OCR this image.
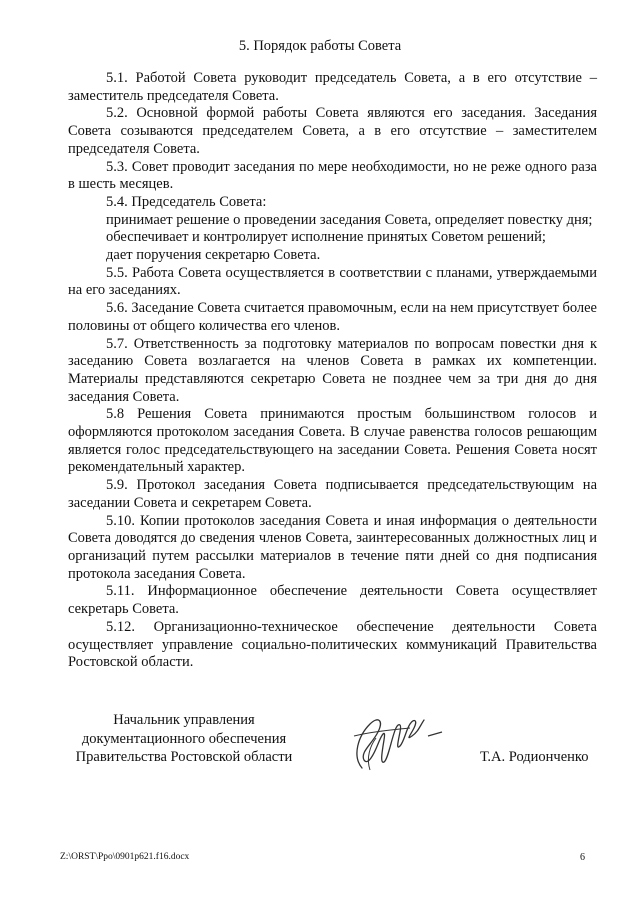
5. Порядок работы Совета

5.1. Работой Совета руководит председатель Совета, а в его отсутствие – заместитель председателя Совета.

5.2. Основной формой работы Совета являются его заседания. Заседания Совета созываются председателем Совета, а в его отсутствие – заместителем председателя Совета.

5.3. Совет проводит заседания по мере необходимости, но не реже одного раза в шесть месяцев.

5.4. Председатель Совета:

принимает решение о проведении заседания Совета, определяет повестку дня;

обеспечивает и контролирует исполнение принятых Советом решений;

дает поручения секретарю Совета.

5.5. Работа Совета осуществляется в соответствии с планами, утверждаемыми на его заседаниях.

5.6. Заседание Совета считается правомочным, если на нем присутствует более половины от общего количества его членов.

5.7. Ответственность за подготовку материалов по вопросам повестки дня к заседанию Совета возлагается на членов Совета в рамках их компетенции. Материалы представляются секретарю Совета не позднее чем за три дня до дня заседания Совета.

5.8 Решения Совета принимаются простым большинством голосов и оформляются протоколом заседания Совета. В случае равенства голосов решающим является голос председательствующего на заседании Совета. Решения Совета носят рекомендательный характер.

5.9. Протокол заседания Совета подписывается председательствующим на заседании Совета и секретарем Совета.

5.10. Копии протоколов заседания Совета и иная информация о деятельности Совета доводятся до сведения членов Совета, заинтересованных должностных лиц и организаций путем рассылки материалов в течение пяти дней со дня подписания протокола заседания Совета.

5.11. Информационное обеспечение деятельности Совета осуществляет секретарь Совета.

5.12. Организационно-техническое обеспечение деятельности Совета осуществляет управление социально-политических коммуникаций Правительства Ростовской области.

Начальник управления
документационного обеспечения
Правительства Ростовской области	Т.А. Родионченко
Z:\ORST\Ppo\0901p621.f16.docx	6
